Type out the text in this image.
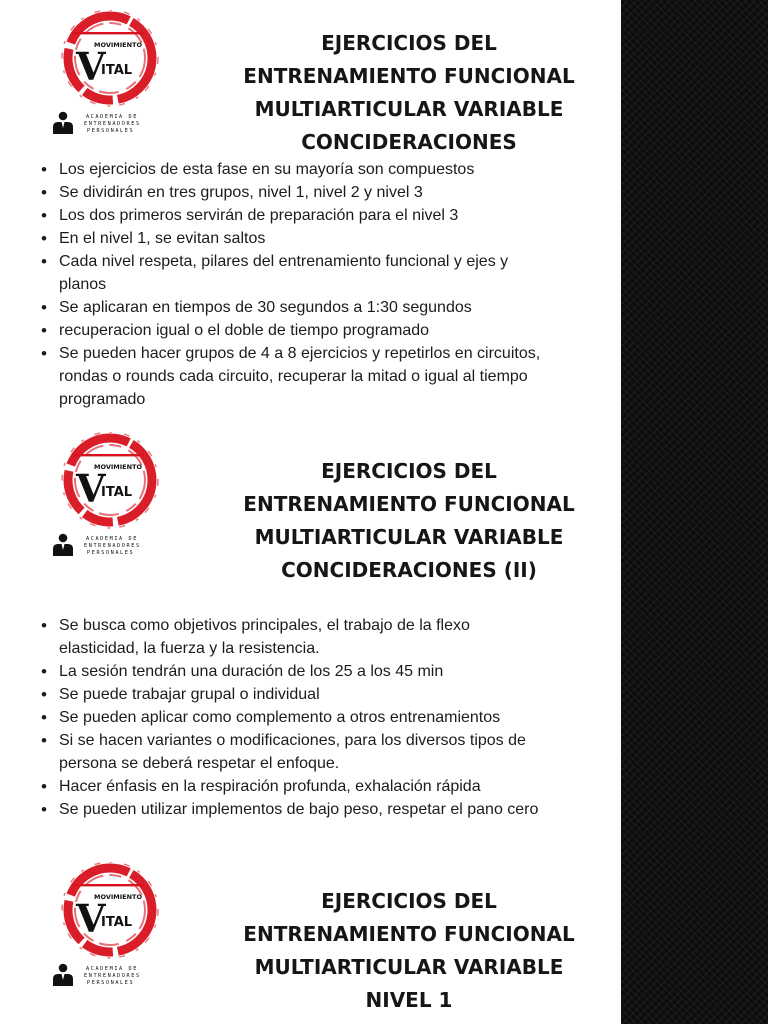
MOVIMIENTO
V
ITAL
ACADEMIA DE
ENTRENADORES
PERSONALES
EJERCICIOS DEL
ENTRENAMIENTO FUNCIONAL
MULTIARTICULAR VARIABLE
CONCIDERACIONES
• Los ejercicios de esta fase en su mayoría son compuestos
• Se dividirán en tres grupos, nivel 1, nivel 2 y nivel 3
• Los dos primeros servirán de preparación para el nivel 3
• En el nivel 1, se evitan saltos
• Cada nivel respeta, pilares del entrenamiento funcional y ejes y planos
• Se aplicaran en tiempos de 30 segundos a 1:30 segundos
• recuperacion igual o el doble de tiempo programado
• Se pueden hacer grupos de 4 a 8 ejercicios y repetirlos en circuitos, rondas o rounds cada circuito, recuperar la mitad o igual al tiempo programado
MOVIMIENTO
V
ITAL
ACADEMIA DE
ENTRENADORES
PERSONALES
EJERCICIOS DEL
ENTRENAMIENTO FUNCIONAL
MULTIARTICULAR VARIABLE
CONCIDERACIONES (II)
• Se busca como objetivos principales, el trabajo de la flexo elasticidad, la fuerza y la resistencia.
• La sesión tendrán una duración de los 25 a los 45 min
• Se puede trabajar grupal o individual
• Se pueden aplicar como complemento a otros entrenamientos
• Si se hacen variantes o modificaciones, para los diversos tipos de persona se deberá respetar el enfoque.
• Hacer énfasis en la respiración profunda, exhalación rápida
• Se pueden utilizar implementos de bajo peso, respetar el pano cero
MOVIMIENTO
V
ITAL
ACADEMIA DE
ENTRENADORES
PERSONALES
EJERCICIOS DEL
ENTRENAMIENTO FUNCIONAL
MULTIARTICULAR VARIABLE
NIVEL 1
